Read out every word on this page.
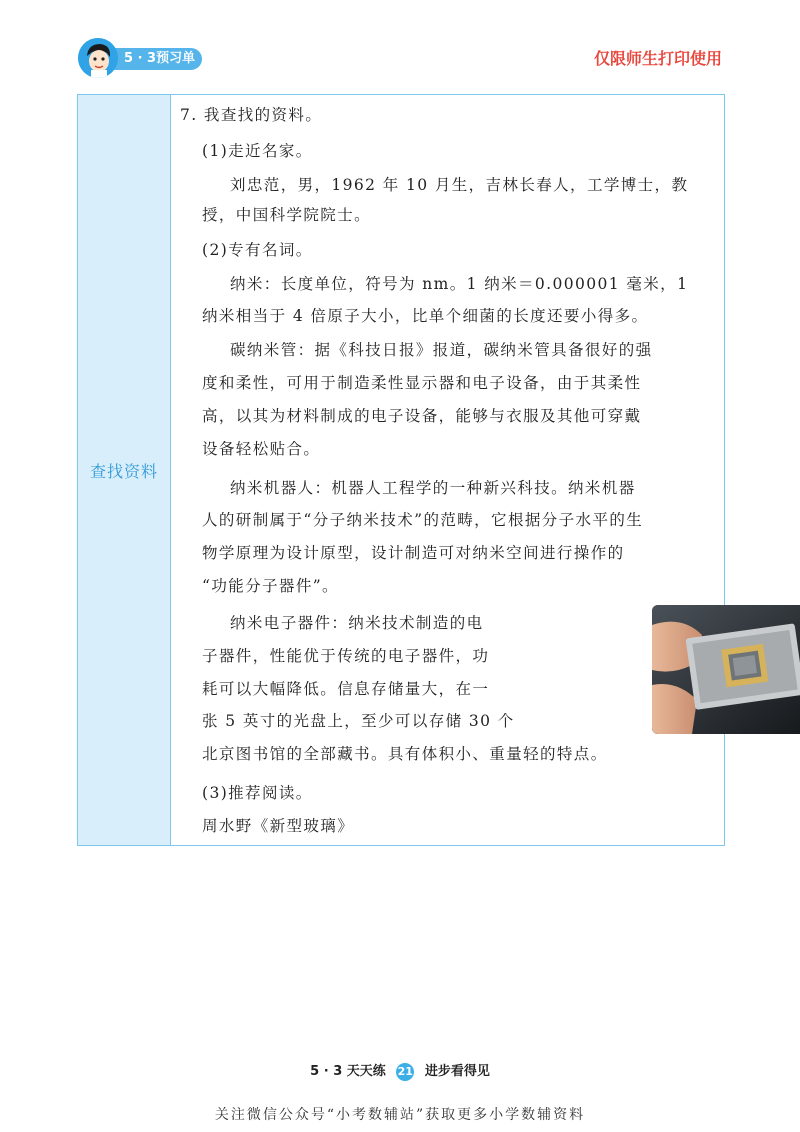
5 · 3预习单	仅限师生打印使用
查找资料
7. 我查找的资料。
(1)走近名家。
刘忠范，男，1962 年 10 月生，吉林长春人，工学博士，教
授，中国科学院院士。
(2)专有名词。
纳米：长度单位，符号为 nm。1 纳米＝0.000001 毫米，1
纳米相当于 4 倍原子大小，比单个细菌的长度还要小得多。
碳纳米管：据《科技日报》报道，碳纳米管具备很好的强
度和柔性，可用于制造柔性显示器和电子设备，由于其柔性
高，以其为材料制成的电子设备，能够与衣服及其他可穿戴
设备轻松贴合。
纳米机器人：机器人工程学的一种新兴科技。纳米机器
人的研制属于“分子纳米技术”的范畴，它根据分子水平的生
物学原理为设计原型，设计制造可对纳米空间进行操作的
“功能分子器件”。
纳米电子器件：纳米技术制造的电
子器件，性能优于传统的电子器件，功
耗可以大幅降低。信息存储量大，在一
张 5 英寸的光盘上，至少可以存储 30 个
北京图书馆的全部藏书。具有体积小、重量轻的特点。
(3)推荐阅读。
周水野《新型玻璃》
5 · 3 天天练 21 进步看得见
关注微信公众号“小考数辅站”获取更多小学数辅资料
